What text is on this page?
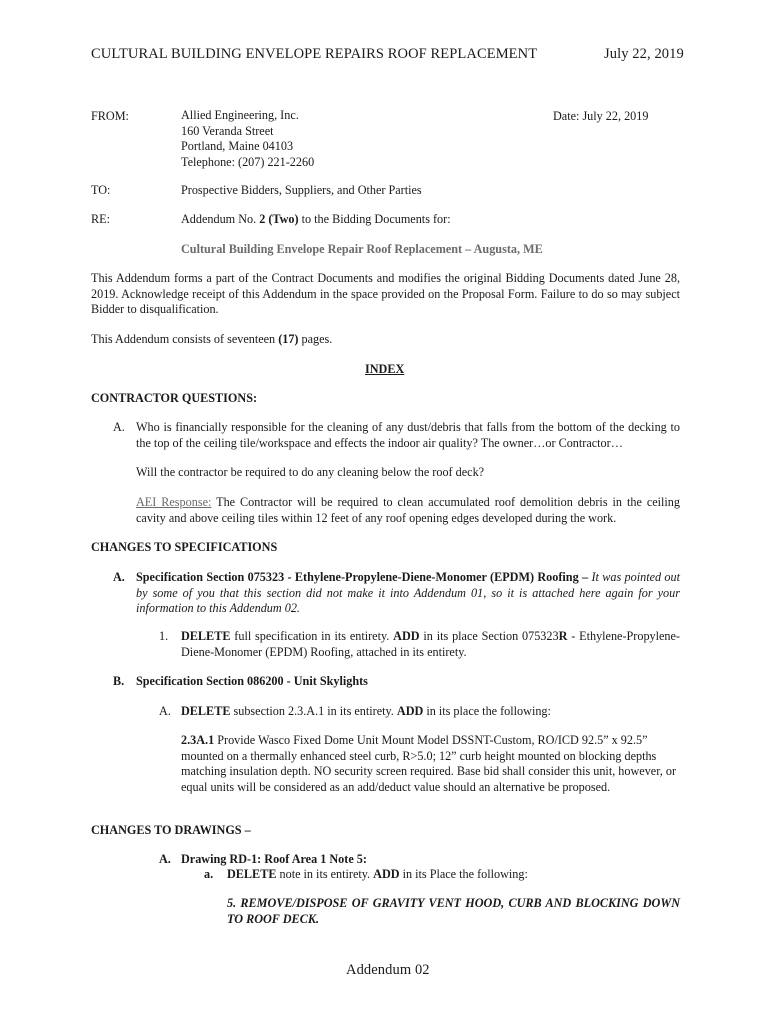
CULTURAL BUILDING ENVELOPE REPAIRS ROOF REPLACEMENT	July 22, 2019
FROM:	Allied Engineering, Inc.
160 Veranda Street
Portland, Maine 04103
Telephone: (207) 221-2260
Date: July 22, 2019
TO:	Prospective Bidders, Suppliers, and Other Parties
RE:	Addendum No. 2 (Two) to the Bidding Documents for:
Cultural Building Envelope Repair Roof Replacement – Augusta, ME

This Addendum forms a part of the Contract Documents and modifies the original Bidding Documents dated June 28, 2019. Acknowledge receipt of this Addendum in the space provided on the Proposal Form. Failure to do so may subject Bidder to disqualification.

This Addendum consists of seventeen (17) pages.
INDEX
CONTRACTOR QUESTIONS:
A. Who is financially responsible for the cleaning of any dust/debris that falls from the bottom of the decking to the top of the ceiling tile/workspace and effects the indoor air quality? The owner…or Contractor…

Will the contractor be required to do any cleaning below the roof deck?

AEI Response: The Contractor will be required to clean accumulated roof demolition debris in the ceiling cavity and above ceiling tiles within 12 feet of any roof opening edges developed during the work.

CHANGES TO SPECIFICATIONS
A. Specification Section 075323 - Ethylene-Propylene-Diene-Monomer (EPDM) Roofing – It was pointed out by some of you that this section did not make it into Addendum 01, so it is attached here again for your information to this Addendum 02.

1. DELETE full specification in its entirety. ADD in its place Section 075323R - Ethylene-Propylene-Diene-Monomer (EPDM) Roofing, attached in its entirety.

B. Specification Section 086200 - Unit Skylights
A. DELETE subsection 2.3.A.1 in its entirety. ADD in its place the following:

2.3A.1 Provide Wasco Fixed Dome Unit Mount Model DSSNT-Custom, RO/ICD 92.5” x 92.5” mounted on a thermally enhanced steel curb, R>5.0; 12” curb height mounted on blocking depths matching insulation depth. NO security screen required. Base bid shall consider this unit, however, or equal units will be considered as an add/deduct value should an alternative be proposed.

CHANGES TO DRAWINGS –
A. Drawing RD-1: Roof Area 1 Note 5:
a. DELETE note in its entirety. ADD in its Place the following:

5. REMOVE/DISPOSE OF GRAVITY VENT HOOD, CURB AND BLOCKING DOWN TO ROOF DECK.

Addendum 02
